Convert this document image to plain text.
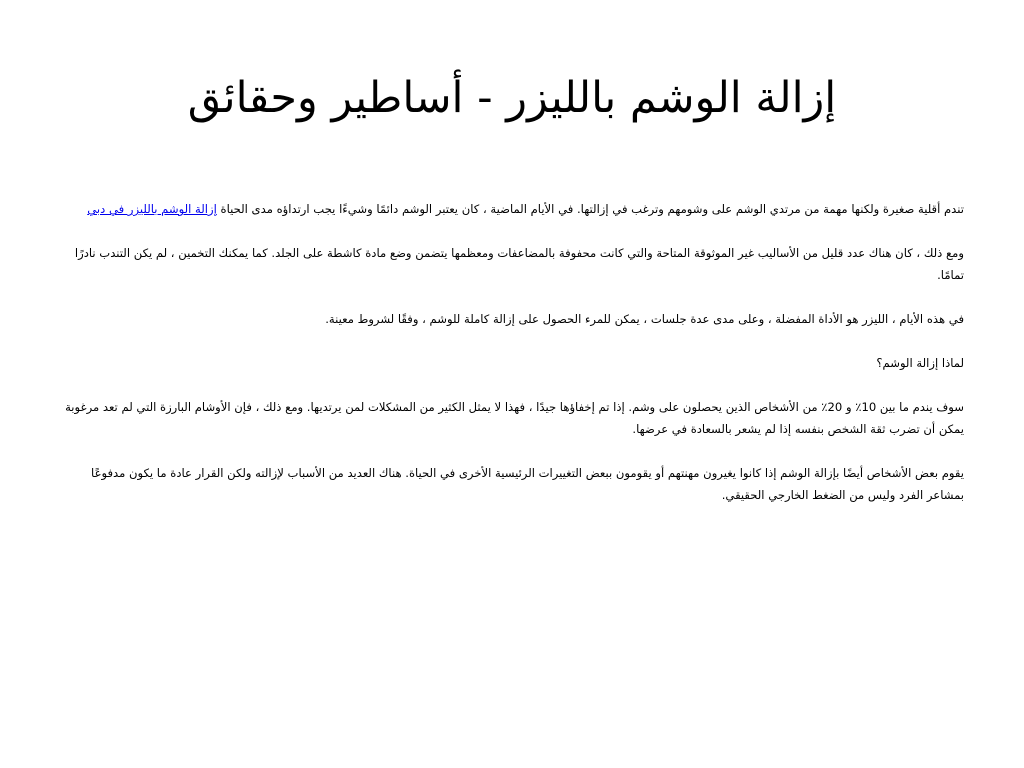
إزالة الوشم بالليزر - أساطير وحقائق

تندم أقلية صغيرة ولكنها مهمة من مرتدي الوشم على وشومهم وترغب في إزالتها. في الأيام الماضية ، كان يعتبر الوشم دائمًا وشيءًا يجب ارتداؤه مدى الحياة إزالة الوشم بالليزر في دبي

ومع ذلك ، كان هناك عدد قليل من الأساليب غير الموثوقة المتاحة والتي كانت محفوفة بالمضاعفات ومعظمها يتضمن وضع مادة كاشطة على الجلد. كما يمكنك التخمين ، لم يكن التندب نادرًا تمامًا.

في هذه الأيام ، الليزر هو الأداة المفضلة ، وعلى مدى عدة جلسات ، يمكن للمرء الحصول على إزالة كاملة للوشم ، وفقًا لشروط معينة.

لماذا إزالة الوشم؟

سوف يندم ما بين 10٪ و 20٪ من الأشخاص الذين يحصلون على وشم. إذا تم إخفاؤها جيدًا ، فهذا لا يمثل الكثير من المشكلات لمن يرتديها. ومع ذلك ، فإن الأوشام البارزة التي لم تعد مرغوبة يمكن أن تضرب ثقة الشخص بنفسه إذا لم يشعر بالسعادة في عرضها.

يقوم بعض الأشخاص أيضًا بإزالة الوشم إذا كانوا يغيرون مهنتهم أو يقومون ببعض التغييرات الرئيسية الأخرى في الحياة. هناك العديد من الأسباب لإزالته ولكن القرار عادة ما يكون مدفوعًا بمشاعر الفرد وليس من الضغط الخارجي الحقيقي.
